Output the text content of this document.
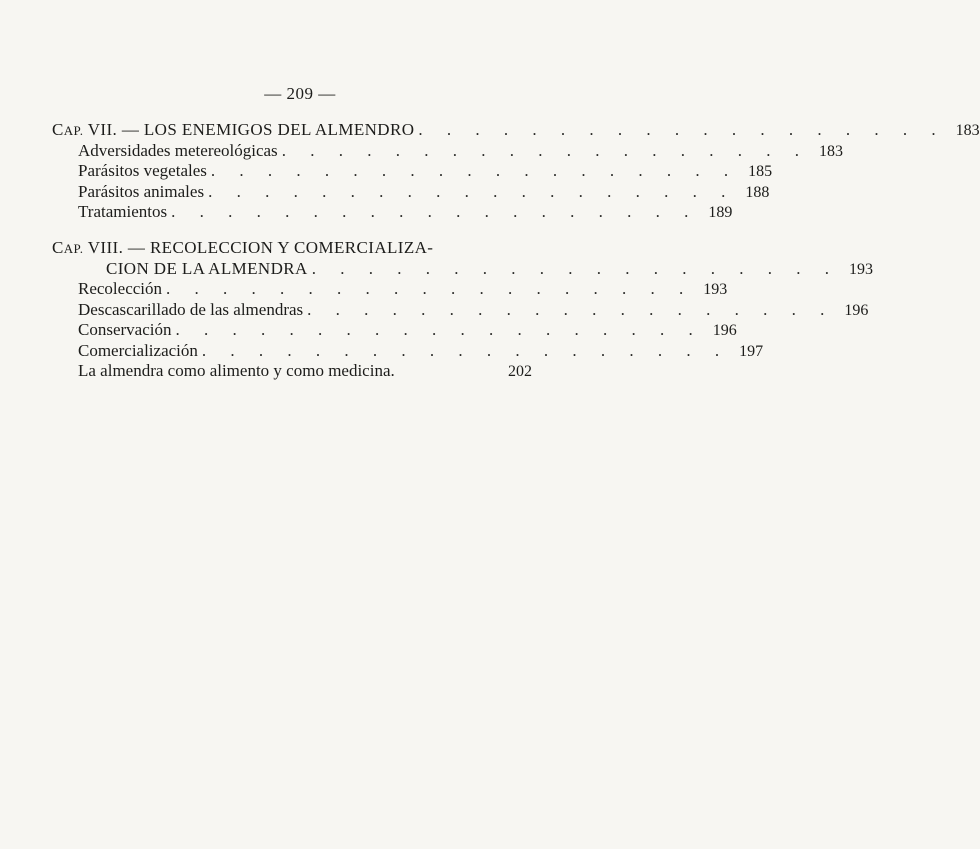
— 209 —
CAP. VII. — LOS ENEMIGOS DEL ALMENDRO . . . . . . . . . . . . . . . . . . . 183
Adversidades metereológicas . . . . . . . . . . . . . . . . . . . 183
Parásitos vegetales . . . . . . . . . . . . . . . . . . . 185
Parásitos animales . . . . . . . . . . . . . . . . . . . 188
Tratamientos . . . . . . . . . . . . . . . . . . . 189
CAP. VIII. — RECOLECCION Y COMERCIALIZA-
CION DE LA ALMENDRA . . . . . . . . . . . . . . . . . . . 193
Recolección . . . . . . . . . . . . . . . . . . . 193
Descascarillado de las almendras . . . . . . . . . . . . . . . . . . . 196
Conservación . . . . . . . . . . . . . . . . . . . 196
Comercialización . . . . . . . . . . . . . . . . . . . 197
La almendra como alimento y como medicina.	202
